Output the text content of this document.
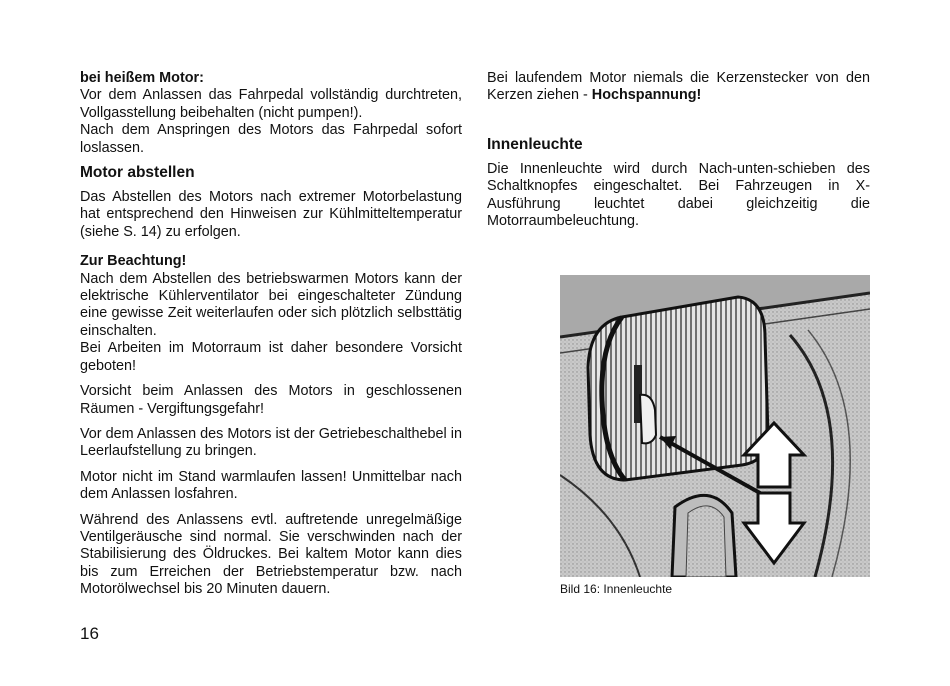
bei heißem Motor:

Vor dem Anlassen das Fahrpedal vollständig durchtreten, Vollgasstellung beibehalten (nicht pumpen!).

Nach dem Anspringen des Motors das Fahrpedal sofort loslassen.

Motor abstellen

Das Abstellen des Motors nach extremer Motorbelastung hat entsprechend den Hinweisen zur Kühlmitteltemperatur (siehe S. 14) zu erfolgen.

Zur Beachtung!

Nach dem Abstellen des betriebswarmen Motors kann der elektrische Kühlerventilator bei eingeschalteter Zündung eine gewisse Zeit weiterlaufen oder sich plötzlich selbsttätig einschalten.

Bei Arbeiten im Motorraum ist daher besondere Vorsicht geboten!

Vorsicht beim Anlassen des Motors in geschlossenen Räumen - Vergiftungsgefahr!

Vor dem Anlassen des Motors ist der Getriebeschalthebel in Leerlaufstellung zu bringen.

Motor nicht im Stand warmlaufen lassen! Unmittelbar nach dem Anlassen losfahren.

Während des Anlassens evtl. auftretende unregelmäßige Ventilgeräusche sind normal. Sie verschwinden nach der Stabilisierung des Öldruckes. Bei kaltem Motor kann dies bis zum Erreichen der Betriebstemperatur bzw. nach Motorölwechsel bis 20 Minuten dauern.

Bei laufendem Motor niemals die Kerzenstecker von den Kerzen ziehen - Hochspannung!

Innenleuchte

Die Innenleuchte wird durch Nach-unten-schieben des Schaltknopfes eingeschaltet. Bei Fahrzeugen in X-Ausführung leuchtet dabei gleichzeitig die Motorraumbeleuchtung.

Bild 16: Innenleuchte
16
